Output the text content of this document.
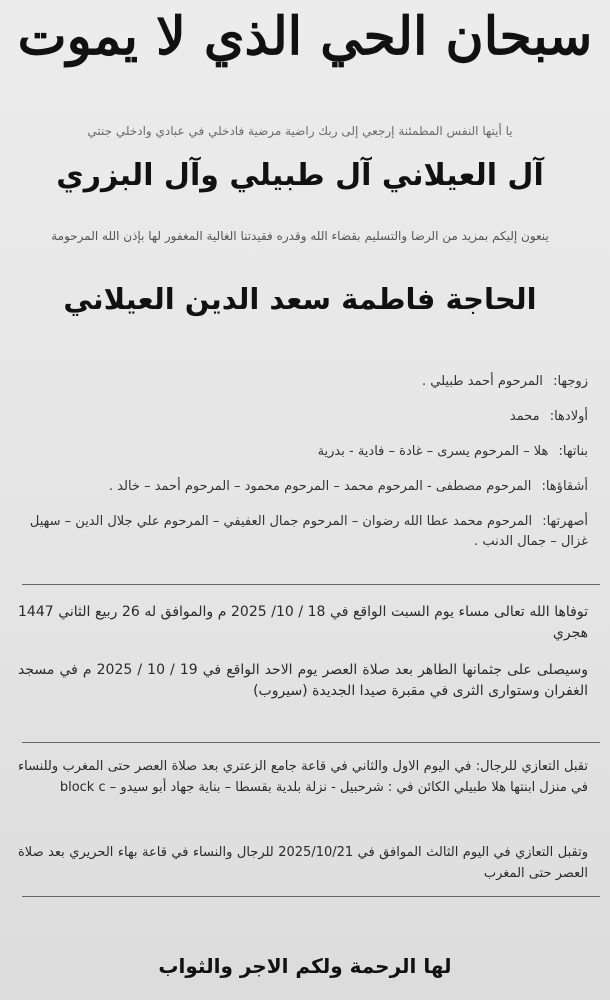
سبحان الحي الذي لا يموت
يا أيتها النفس المطمئنة إرجعي إلى ربك راضية مرضية فادخلي في عبادي وادخلي جنتي
آل العيلاني آل طبيلي وآل البزري
ينعون إليكم بمزيد من الرضا والتسليم بقضاء الله وقدره فقيدتنا الغالية المغفور لها بإذن الله المرحومة
الحاجة فاطمة سعد الدين العيلاني
زوجها: المرحوم أحمد طبيلي .
أولادها: محمد
بناتها: هلا – المرحوم يسرى – غادة – فادية - بدرية
أشقاؤها: المرحوم مصطفى - المرحوم محمد – المرحوم محمود – المرحوم أحمد – خالد .
أصهرتها: المرحوم محمد عطا الله رضوان – المرحوم جمال العفيفي – المرحوم علي جلال الدين – سهيل غزال – جمال الدنب .
توفاها الله تعالى مساء يوم السبت الواقع في 18 / 10/ 2025 م والموافق له 26 ربيع الثاني 1447 هجري
وسيصلى على جثمانها الطاهر بعد صلاة العصر يوم الاحد الواقع في 19 / 10 / 2025 م في مسجد الغفران وستوارى الثرى في مقبرة صيدا الجديدة (سيروب)
تقبل التعازي للرجال: في اليوم الاول والثاني في قاعة جامع الزعتري بعد صلاة العصر حتى المغرب وللنساء في منزل ابنتها هلا طبيلي الكائن في : شرحبيل - نزلة بلدية بقسطا – بناية جهاد أبو سيدو – block c
وتقبل التعازي في اليوم الثالث الموافق في 2025/10/21 للرجال والنساء في قاعة بهاء الحريري بعد صلاة العصر حتى المغرب
لها الرحمة ولكم الاجر والثواب
